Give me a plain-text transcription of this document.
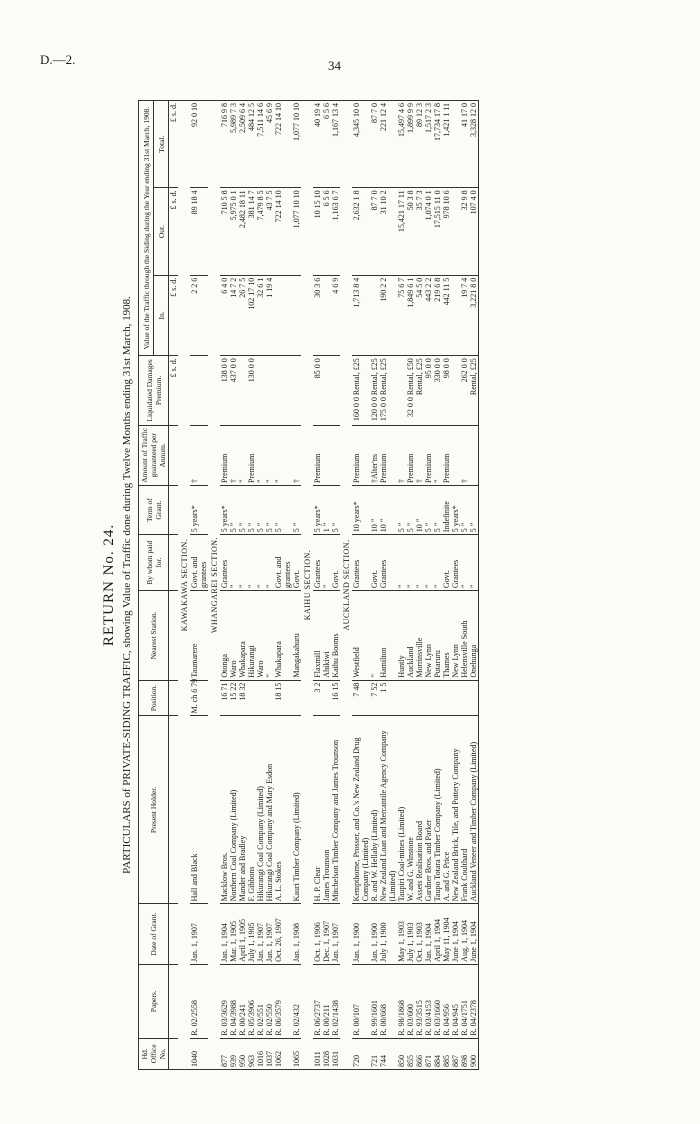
D.—2.	34
RETURN No. 24. PARTICULARS of PRIVATE-SIDING TRAFFIC, showing Value of Traffic done during Twelve Months ending 31st March, 1908.
Hd. Office No.	Papers.	Date of Grant.	Present Holder.	Position.	Nearest Station.	By whom paid for.	Term of Grant.	Amount of Traffic guaranteed per Annum.	Liquidated Damages Premium.	Value of the Traffic through the Siding during the Year ending 31st March, 1908.		
										In.	Out.	Total.
									£ s. d.	£ s. d.	£ s. d.	£ s. d.
KAWAKAWA SECTION.												
1040	R. 02/2558	Jan. 1, 1907	Hall and Black	M. ch 6 79	Taumarere	Govt. and grantees	5 years*	†		2 2 6	89 18 4	92 0 10
WHANGAREI SECTION.												
877	R. 03/3629	Jan. 1, 1904	Macklow Bros.	16 71	Otonga	Grantees	5 years*	Premium	138 0 0	6 4 0	710 5 8	716 9 8
939	R. 04/3988	Mar. 1, 1905	Northern Coal Company (Limited)	15 22	Waro	”	5 ”	†	437 0 0	14 7 2	5,975 0 1	5,989 7 3
950	R. 00/241	April 1, 1905	Mander and Bradley	18 32	Whakapara	”	5 ”	”		26 7 5	2,482 18 11	2,509 6 4
963	R. 05/3906	July 1, 1905	F. Gibbons		Hikurangi	”	5 ”	Premium	130 0 0	102 17 10	381 14 7	484 12 5
1016	R. 02/551	Jan. 1, 1907	Hikurangi Coal Company (Limited)		Waro	”	5 ”	”		32 6 1	7,479 8 5	7,511 14 6
1037	R. 02/550	Jan. 1, 1907	Hikurangi Coal Company and Mary Esdon		”	”	5 ”	”		1 19 4	43 7 5	45 6 9
1062	R. 06/3579	Oct. 26, 1907	A. L. Stokes	18 15	Whakapara	Govt. and grantees	5 ”	”			722 14 10	722 14 10
1065	R. 02/432	Jan. 1, 1908	Kauri Timber Company (Limited)		Mangakahuru	Govt.	5 ”	†			1,077 10 10	1,077 10 10
KAIHU SECTION.												
1011	R. 06/2737	Oct. 1, 1906	H. P. Clear	3 2	Flaxmill	Grantees	5 years*	Premium	85 0 0	30 3 6	10 15 10	40 19 4
1028	R. 00/211	Dec. 1, 1907	James Trounson		Ahikiwi	”	1 ”				6 5 6	6 5 6
1031	R. 02/1438	Jan. 1, 1907	Mitchelson Timber Company and James Trounson	16 15	Kaihu Booms	Govt.	5 ”			4 6 9	1,163 6 7	1,167 13 4
AUCKLAND SECTION.												
720	R. 00/107	Jan. 1, 1900	Kempthorne, Prosser, and Co.'s New Zealand Drug Company (Limited)	7 48	Westfield	Grantees	10 years*	Premium	160 0 0 Rental, £25	1,713 8 4	2,632 1 8	4,345 10 0
721	R. 99/1601	Jan. 1, 1900	R. and W. Hellaby (Limited)	7 52	”	Govt.	10 ”	†Alter'ns	120 0 0 Rental, £25		87 7 0	87 7 0
744	R. 00/668	July 1, 1900	New Zealand Loan and Mercantile Agency Company (Limited)	1 5	Hamilton	Grantees	10 ”	Premium	175 0 0 Rental, £25	190 2 2	31 10 2	221 12 4
850	R. 98/1868	May 1, 1903	Taupiri Coal-mines (Limited)		Huntly	”	5 ”	†		75 6 7	15,421 17 11	15,497 4 6
855	R. 03/600	July 1, 1903	W. and G. Winstone		Auckland	”	5 ”	Premium	32 0 0 Rental, £50	1,849 6 1	50 3 8	1,899 9 9
866	R. 93/3515	Oct. 1, 1903	Assets Realisation Board		Morrinsville	”	10 ”	†	Rental, £25	54 5 0	35 7 3	89 12 3
871	R. 03/4153	Jan. 1, 1904	Gardner Bros. and Parker		New Lynn	”	5 ”	Premium	95 0 0	443 2 2	1,074 0 1	1,517 2 3
884	R. 03/1660	April 1, 1904	Taupo Totara Timber Company (Limited)		Putaruru	”	5 ”	”	330 0 0	219 6 8	17,515 11 0	17,734 17 8
885	R. 04/956	May 11, 1904	A. and G. Price		Thames	Govt.	Indefinite	Premium	98 0 0	442 11 5	978 10 6	1,421 1 11
887	R. 04/945	June 1, 1904	New Zealand Brick, Tile, and Pottery Company		New Lynn	Grantees	5 years*					
898	R. 04/1751	Aug. 1, 1904	Frank Coulthard		Helensville South	”	5 ”	†	262 0 0	19 7 4	32 9 8	41 17 0
900	R. 04/2378	June 1, 1904	Auckland Veneer and Timber Company (Limited)		Onehunga	”	5 ”		Rental, £25	3,221 8 0	107 4 0	3,328 12 0
